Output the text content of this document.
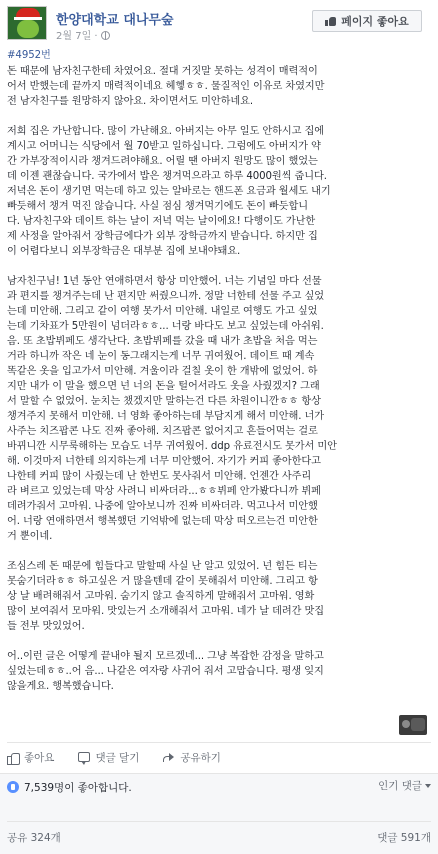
한양대학교 대나무숲
2월 7일 ·
페이지 좋아요
#4952번
돈 때문에 남자친구한테 차였어요. 절대 거짓말 못하는 성격이 매력적이
어서 반했는데 끝까지 매력적이네요 헤헿ㅎㅎ. 물질적인 이유로 차였지만
전 남자친구를 원망하지 않아요. 차이면서도 미안하네요.

저희 집은 가난합니다. 많이 가난해요. 아버지는 아무 일도 안하시고 집에
계시고 어머니는 식당에서 월 70받고 일하십니다. 그럼에도 아버지가 약
간 가부장적이시라 챙겨드려야해요. 어릴 땐 아버지 원망도 많이 했었는
데 이젠 괜찮습니다. 국가에서 밥은 챙겨먹으라고 하루 4000원씩 줍니다.
저녁은 돈이 생기면 먹는데 하고 있는 알바로는 핸드폰 요금과 월세도 내기
빠듯해서 챙겨 먹진 않습니다. 사실 점심 챙겨먹기에도 돈이 빠듯합니
다. 남자친구와 데이트 하는 날이 저녁 먹는 날이에요! 다행이도 가난한
제 사정을 알아줘서 장학금에다가 외부 장학금까지 받습니다. 하지만 집
이 어렵다보니 외부장학금은 대부분 집에 보내야돼요.

남자친구님! 1년 동안 연애하면서 항상 미안했어. 너는 기념일 마다 선물
과 편지를 챙겨주는데 난 편지만 써줬으니까. 정말 너한테 선물 주고 싶었
는데 미안해. 그리고 같이 여행 못가서 미안해. 내일로 여행도 가고 싶었
는데 기차표가 5만원이 넘더라ㅎㅎ... 너랑 바다도 보고 싶었는데 아쉬워.
음. 또 초밥뷔페도 생각난다. 초밥뷔페를 갔을 때 내가 초밥을 처음 먹는
거라 하니까 작은 네 눈이 동그래지는게 너무 귀여웠어. 데이트 때 계속
똑같은 옷을 입고가서 미안해. 겨울이라 걸칠 옷이 한 개밖에 없었어. 하
지만 내가 이 말을 했으면 넌 너의 돈을 털어서라도 옷을 사줬겠지? 그래
서 말할 수 없었어. 눈치는 챘겠지만 말하는건 다른 차원이니깐ㅎㅎ 항상
챙겨주지 못해서 미안해. 너 영화 좋아하는데 부담지게 해서 미안해. 너가
사주는 치즈팝콘 나도 진짜 좋아해. 치즈팝콘 없어지고 흔들어먹는 걸로
바뀌니깐 시무룩해하는 모습도 너무 귀여웠어. ddp 유료전시도 못가서 미안
해. 이것마저 너한테 의지하는게 너무 미안했어. 자기가 커피 좋아한다고
나한테 커피 많이 사줬는데 난 한번도 못사줘서 미안해. 언젠간 사주리
라 벼르고 있었는데 막상 사려니 비싸더라...ㅎㅎ뷔페 안가봤다니까 뷔페
데려가줘서 고마워. 나중에 알아보니까 진짜 비싸더라. 먹고나서 미안했
어. 너랑 연애하면서 행복했던 기억밖에 없는데 막상 떠오르는건 미안한
거 뿐이네.

조심스레 돈 때문에 힘들다고 말할때 사실 난 알고 있었어. 넌 힘든 티는
못숨기더라ㅎㅎ 하고싶은 거 많을텐데 같이 못해줘서 미안해. 그리고 항
상 날 배려해줘서 고마워. 숨기지 않고 솔직하게 말해줘서 고마워. 영화
많이 보여줘서 모마워. 맛있는거 소개해줘서 고마워. 네가 날 데려간 맛집
들 전부 맛있었어.

어..이런 글은 어떻게 끝내야 될지 모르겠네... 그냥 복잡한 감정을 말하고
싶었는데ㅎㅎ..어 음... 나같은 여자랑 사귀어 줘서 고맙습니다. 평생 잊지
않을게요. 행복했습니다.
좋아요	댓글 달기	공유하기
7,539명이 좋아합니다.	인기 댓글
공유 324개	댓글 591개
